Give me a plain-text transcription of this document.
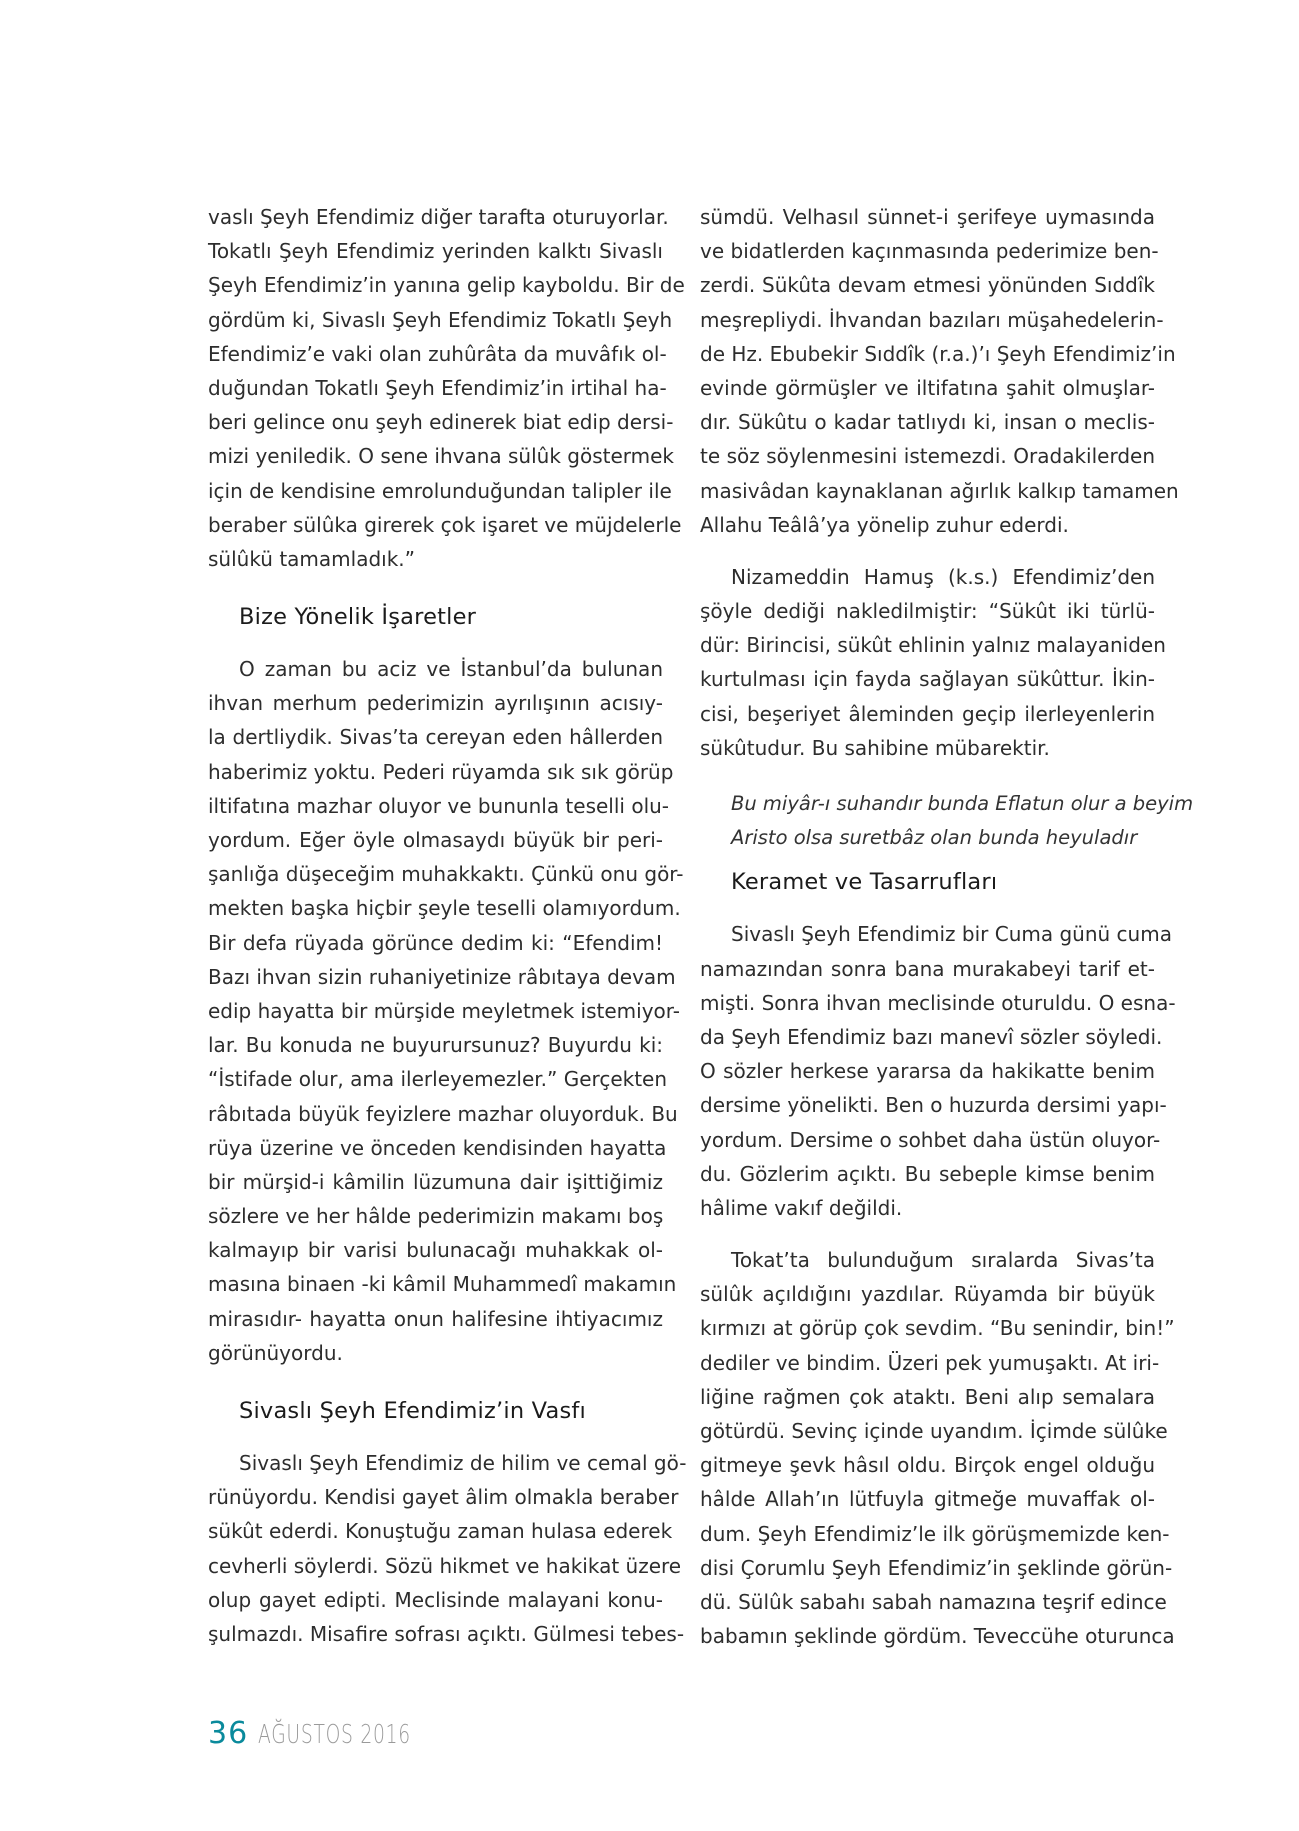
vaslı Şeyh Efendimiz diğer tarafta oturuyorlar.
Tokatlı Şeyh Efendimiz yerinden kalktı Sivaslı
Şeyh Efendimiz’in yanına gelip kayboldu. Bir de
gördüm ki, Sivaslı Şeyh Efendimiz Tokatlı Şeyh
Efendimiz’e vaki olan zuhûrâta da muvâfık ol-
duğundan Tokatlı Şeyh Efendimiz’in irtihal ha-
beri gelince onu şeyh edinerek biat edip dersi-
mizi yeniledik. O sene ihvana sülûk göstermek
için de kendisine emrolunduğundan talipler ile
beraber sülûka girerek çok işaret ve müjdelerle
sülûkü tamamladık.”
Bize Yönelik İşaretler
O zaman bu aciz ve İstanbul’da bulunan
ihvan merhum pederimizin ayrılışının acısıy-
la dertliydik. Sivas’ta cereyan eden hâllerden
haberimiz yoktu. Pederi rüyamda sık sık görüp
iltifatına mazhar oluyor ve bununla teselli olu-
yordum. Eğer öyle olmasaydı büyük bir peri-
şanlığa düşeceğim muhakkaktı. Çünkü onu gör-
mekten başka hiçbir şeyle teselli olamıyordum.
Bir defa rüyada görünce dedim ki: “Efendim!
Bazı ihvan sizin ruhaniyetinize râbıtaya devam
edip hayatta bir mürşide meyletmek istemiyor-
lar. Bu konuda ne buyurursunuz? Buyurdu ki:
“İstifade olur, ama ilerleyemezler.” Gerçekten
râbıtada büyük feyizlere mazhar oluyorduk. Bu
rüya üzerine ve önceden kendisinden hayatta
bir mürşid-i kâmilin lüzumuna dair işittiğimiz
sözlere ve her hâlde pederimizin makamı boş
kalmayıp bir varisi bulunacağı muhakkak ol-
masına binaen -ki kâmil Muhammedî makamın
mirasıdır- hayatta onun halifesine ihtiyacımız
görünüyordu.
Sivaslı Şeyh Efendimiz’in Vasfı
Sivaslı Şeyh Efendimiz de hilim ve cemal gö-
rünüyordu. Kendisi gayet âlim olmakla beraber
sükût ederdi. Konuştuğu zaman hulasa ederek
cevherli söylerdi. Sözü hikmet ve hakikat üzere
olup gayet edipti. Meclisinde malayani konu-
şulmazdı. Misafire sofrası açıktı. Gülmesi tebes-
sümdü. Velhasıl sünnet-i şerifeye uymasında
ve bidatlerden kaçınmasında pederimize ben-
zerdi. Sükûta devam etmesi yönünden Sıddîk
meşrepliydi. İhvandan bazıları müşahedelerin-
de Hz. Ebubekir Sıddîk (r.a.)’ı Şeyh Efendimiz’in
evinde görmüşler ve iltifatına şahit olmuşlar-
dır. Sükûtu o kadar tatlıydı ki, insan o meclis-
te söz söylenmesini istemezdi. Oradakilerden
masivâdan kaynaklanan ağırlık kalkıp tamamen
Allahu Teâlâ’ya yönelip zuhur ederdi.
Nizameddin Hamuş (k.s.) Efendimiz’den
şöyle dediği nakledilmiştir: “Sükût iki türlü-
dür: Birincisi, sükût ehlinin yalnız malayaniden
kurtulması için fayda sağlayan sükûttur. İkin-
cisi, beşeriyet âleminden geçip ilerleyenlerin
sükûtudur. Bu sahibine mübarektir.
Bu miyâr-ı suhandır bunda Eflatun olur a beyim
Aristo olsa suretbâz olan bunda heyuladır
Keramet ve Tasarrufları
Sivaslı Şeyh Efendimiz bir Cuma günü cuma
namazından sonra bana murakabeyi tarif et-
mişti. Sonra ihvan meclisinde oturuldu. O esna-
da Şeyh Efendimiz bazı manevî sözler söyledi.
O sözler herkese yararsa da hakikatte benim
dersime yönelikti. Ben o huzurda dersimi yapı-
yordum. Dersime o sohbet daha üstün oluyor-
du. Gözlerim açıktı. Bu sebeple kimse benim
hâlime vakıf değildi.
Tokat’ta bulunduğum sıralarda Sivas’ta
sülûk açıldığını yazdılar. Rüyamda bir büyük
kırmızı at görüp çok sevdim. “Bu senindir, bin!”
dediler ve bindim. Üzeri pek yumuşaktı. At iri-
liğine rağmen çok ataktı. Beni alıp semalara
götürdü. Sevinç içinde uyandım. İçimde sülûke
gitmeye şevk hâsıl oldu. Birçok engel olduğu
hâlde Allah’ın lütfuyla gitmeğe muvaffak ol-
dum. Şeyh Efendimiz’le ilk görüşmemizde ken-
disi Çorumlu Şeyh Efendimiz’in şeklinde görün-
dü. Sülûk sabahı sabah namazına teşrif edince
babamın şeklinde gördüm. Teveccühe oturunca
36 AĞUSTOS 2016
